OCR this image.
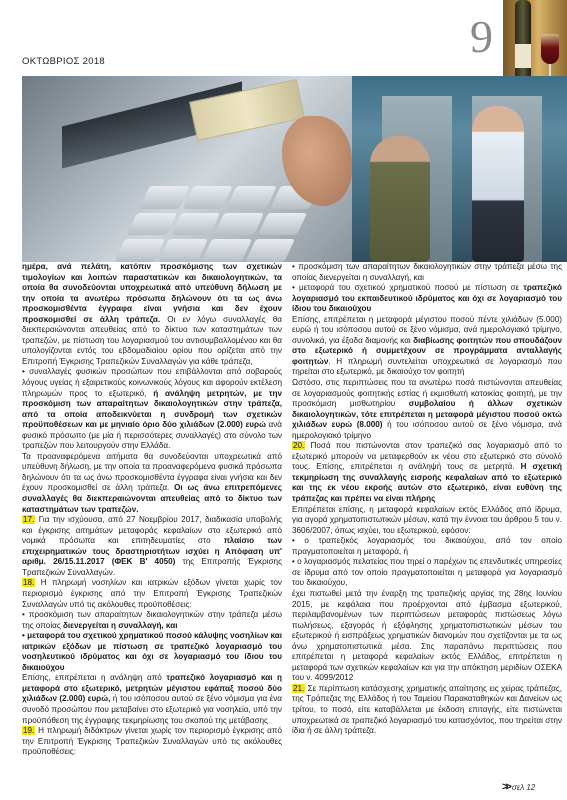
ΟΚΤΩΒΡΙΟΣ 2018	9

ημέρα, ανά πελάτη, κατόπιν προσκόμισης των σχετικών τιμολογίων και λοιπών παραστατικών και δικαιολογητικών, τα οποία θα συνοδεύονται υποχρεωτικά από υπεύθυνη δήλωση με την οποία τα ανωτέρω πρόσωπα δηλώνουν ότι τα ως άνω προσκομισθέντα έγγραφα είναι γνήσια και δεν έχουν προσκομισθεί σε άλλη τράπεζα. Οι εν λόγω συναλλαγές θα διεκπεραιώνονται απευθείας από το δίκτυο των καταστημάτων των τραπεζών, με πίστωση του λογαριασμού του αντισυμβαλλομένου και θα υπολογίζονται εντός του εβδομαδιαίου ορίου που ορίζεται από την Επιτροπή Έγκρισης Τραπεζικών Συναλλαγών για κάθε τράπεζα,

• συναλλαγές φυσικών προσώπων που επιβάλλονται από σοβαρούς λόγους υγείας ή εξαιρετικούς κοινωνικούς λόγους και αφορούν εκτέλεση πληρωμών προς το εξωτερικό, ή ανάληψη μετρητών, με την προσκόμιση των απαραίτητων δικαιολογητικών στην τράπεζα, από τα οποία αποδεικνύεται η συνδρομή των σχετικών προϋποθέσεων και με μηνιαίο όριο δύο χιλιάδων (2.000) ευρώ ανά φυσικό πρόσωπο (με μία ή περισσότερες συναλλαγές) στο σύνολο των τραπεζών που λειτουργούν στην Ελλάδα.

Τα προαναφερόμενα αιτήματα θα συνοδεύονται υποχρεωτικά από υπεύθυνη δήλωση, με την οποία τα προαναφερόμενα φυσικά πρόσωπα δηλώνουν ότι τα ως άνω προσκομισθέντα έγγραφα είναι γνήσια και δεν έχουν προσκομισθεί σε άλλη τράπεζα. Οι ως άνω επιτρεπόμενες συναλλαγές θα διεκπεραιώνονται απευθείας από το δίκτυο των καταστημάτων των τραπεζών.

17. Για την ισχύουσα, από 27 Νοεμβρίου 2017, διαδικασία υποβολής και έγκρισης αιτημάτων μεταφοράς κεφαλαίων στο εξωτερικό από νομικά πρόσωπα και επιτηδευματίες στο πλαίσιο των επιχειρηματικών τους δραστηριοτήτων ισχύει η Απόφαση υπ' αριθμ. 26/15.11.2017 (ΦΕΚ Β' 4050) της Επιτροπής Έγκρισης Τραπεζικών Συναλλαγών.

18. Η πληρωμή νοσηλίων και ιατρικών εξόδων γίνεται χωρίς τον περιορισμό έγκρισης από την Επιτροπή Έγκρισης Τραπεζικών Συναλλαγών υπό τις ακόλουθες προϋποθέσεις:

• προσκόμιση των απαραίτητων δικαιολογητικών στην τράπεζα μέσω της οποίας διενεργείται η συναλλαγή, και

• μεταφορά του σχετικού χρηματικού ποσού κάλυψης νοσηλίων και ιατρικών εξόδων με πίστωση σε τραπεζικό λογαριασμό του νοσηλευτικού ιδρύματος και όχι σε λογαριασμό του ίδιου του δικαιούχου

Επίσης, επιτρέπεται η ανάληψη από τραπεζικό λογαριασμό και η μεταφορά στο εξωτερικό, μετρητών μέγιστου εφάπαξ ποσού δύο χιλιάδων (2.000) ευρώ, ή του ισόποσου αυτού σε ξένο νόμισμα για ένα συνοδό προσώπου που μεταβαίνει στο εξωτερικό για νοσηλεία, υπό την προϋπόθεση της έγγραφης τεκμηρίωσης του σκοπού της μετάβασης

19. Η πληρωμή διδάκτρων γίνεται χωρίς τον περιορισμό έγκρισης από την Επιτροπή Έγκρισης Τραπεζικών Συναλλαγών υπό τις ακόλουθες προϋποθέσεις:

• προσκόμιση των απαραίτητων δικαιολογητικών στην τράπεζα μέσω της οποίας διενεργείται η συναλλαγή, και

• μεταφορά του σχετικού χρηματικού ποσού με πίστωση σε τραπεζικό λογαριασμό του εκπαιδευτικού ιδρύματος και όχι σε λογαριασμό του ίδιου του δικαιούχου

Επίσης, επιτρέπεται η μεταφορά μέγιστου ποσού πέντε χιλιάδων (5.000) ευρώ ή του ισόποσου αυτού σε ξένο νόμισμα, ανά ημερολογιακό τρίμηνο, συνολικά, για έξοδα διαμονής και διαβίωσης φοιτητών που σπουδάζουν στο εξωτερικό ή συμμετέχουν σε προγράμματα ανταλλαγής φοιτητών. Η πληρωμή συντελείται υποχρεωτικά σε λογαριασμό που τηρείται στο εξωτερικό, με δικαιούχο τον φοιτητή

Ωστόσο, στις περιπτώσεις που τα ανωτέρω ποσά πιστώνονται απευθείας σε λογαριασμούς φοιτητικής εστίας ή εκμισθωτή κατοικίας φοιτητή, με την προσκόμιση μισθωτηρίου συμβολαίου ή άλλων σχετικών δικαιολογητικών, τότε επιτρέπεται η μεταφορά μέγιστου ποσού οκτώ χιλιάδων ευρώ (8.000) ή του ισόποσου αυτού σε ξένο νόμισμα, ανά ημερολογιακό τρίμηνο

20. Ποσά που πιστώνονται στον τραπεζικό σας λογαριασμό από το εξωτερικό μπορούν να μεταφερθούν εκ νέου στο εξωτερικό στο σύνολό τους. Επίσης, επιτρέπεται η ανάληψή τους σε μετρητά. Η σχετική τεκμηρίωση της συναλλαγής εισροής κεφαλαίων από το εξωτερικό και της εκ νέου εκροής αυτών στο εξωτερικό, είναι ευθύνη της τράπεζας και πρέπει να είναι πλήρης

Επιτρέπεται επίσης, η μεταφορά κεφαλαίων εκτός Ελλάδος από ίδρυμα, για αγορά χρηματοπιστωτικών μέσων, κατά την έννοια του άρθρου 5 του ν. 3606/2007, όπως ισχύει, του εξωτερικού, εφόσον:

• ο τραπεζικός λογαριασμός του δικαιούχου, από τον οποίο πραγματοποιείται η μεταφορά, ή

• ο λογαριασμός πελατείας που τηρεί ο παρέχων τις επενδυτικές υπηρεσίες σε ίδρυμα από τον οποίο πραγματοποιείται η μεταφορά για λογαριασμό του δικαιούχου,

έχει πιστωθεί μετά την έναρξη της τραπεζικής αργίας της 28ης Ιουνίου 2015, με κεφάλαια που προέρχονται από έμβασμα εξωτερικού, περιλαμβανομένων των περιπτώσεων μεταφοράς πιστώσεως λόγω πωλήσεως, εξαγοράς ή εξόφλησης χρηματοπιστωτικών μέσων του εξωτερικού ή εισπράξεως χρηματικών διανομών που σχετίζονται με τα ως άνω χρηματοπιστωτικά μέσα. Στις παραπάνω περιπτώσεις που επιτρέπεται η μεταφορά κεφαλαίων εκτός Ελλάδος, επιτρέπεται η μεταφορά των σχετικών κεφαλαίων και για την απόκτηση μεριδίων ΟΣΕΚΑ του ν. 4099/2012

21. Σε περίπτωση κατάσχεσης χρηματικής απαίτησης εις χείρας τράπεζας, της Τράπεζας της Ελλάδος ή του Ταμείου Παρακαταθηκών και Δανείων ως τρίτου, το ποσό, είτε καταβάλλεται με έκδοση επιταγής, είτε πιστώνεται υποχρεωτικά σε τραπεζικό λογαριασμό του κατασχόντος, που τηρείται στην ίδια ή σε άλλη τράπεζα.

>> σελ 12
